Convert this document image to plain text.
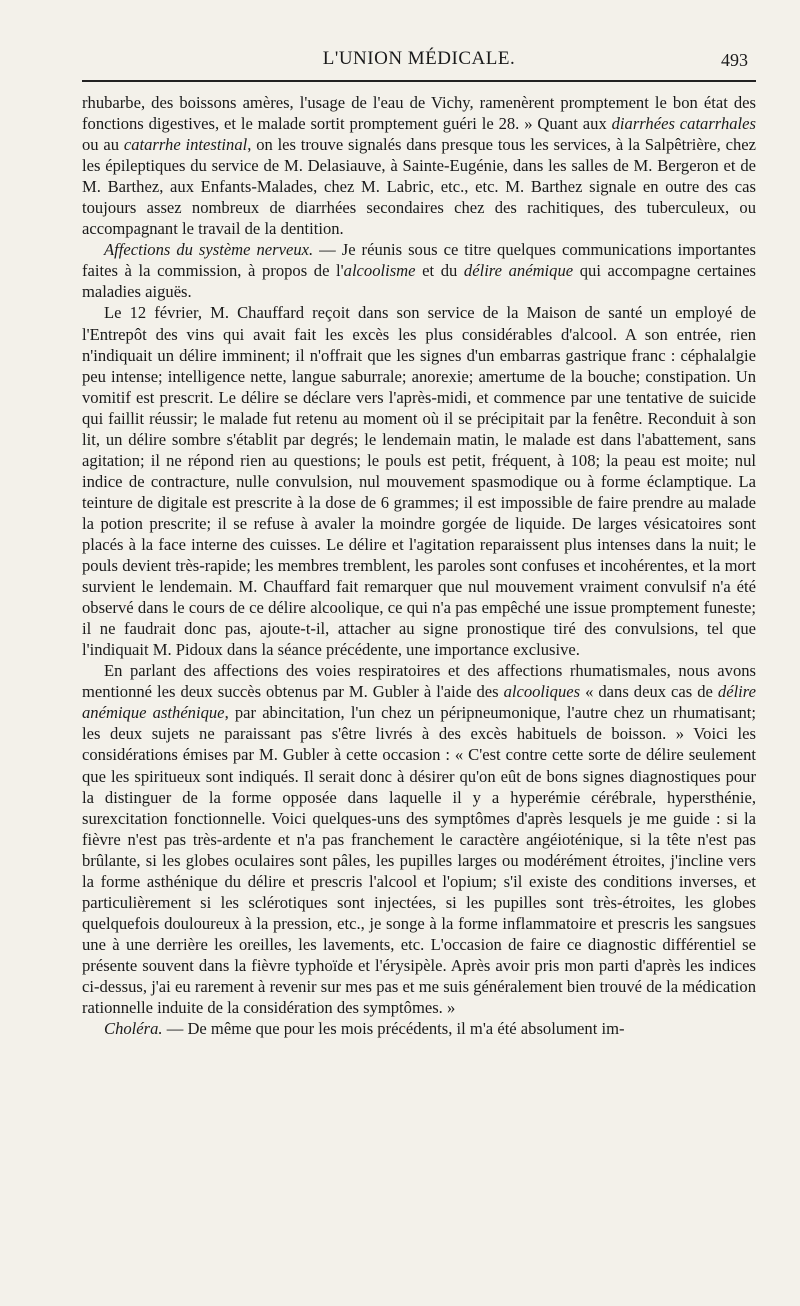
L'UNION MÉDICALE.	493

rhubarbe, des boissons amères, l'usage de l'eau de Vichy, ramenèrent promptement le bon état des fonctions digestives, et le malade sortit promptement guéri le 28. » Quant aux diarrhées catarrhales ou au catarrhe intestinal, on les trouve signalés dans presque tous les services, à la Salpêtrière, chez les épileptiques du service de M. Delasiauve, à Sainte-Eugénie, dans les salles de M. Bergeron et de M. Barthez, aux Enfants-Malades, chez M. Labric, etc., etc. M. Barthez signale en outre des cas toujours assez nombreux de diarrhées secondaires chez des rachitiques, des tuberculeux, ou accompagnant le travail de la dentition.

Affections du système nerveux. — Je réunis sous ce titre quelques communications importantes faites à la commission, à propos de l'alcoolisme et du délire anémique qui accompagne certaines maladies aiguës.

Le 12 février, M. Chauffard reçoit dans son service de la Maison de santé un employé de l'Entrepôt des vins qui avait fait les excès les plus considérables d'alcool. A son entrée, rien n'indiquait un délire imminent; il n'offrait que les signes d'un embarras gastrique franc : céphalalgie peu intense; intelligence nette, langue saburrale; anorexie; amertume de la bouche; constipation. Un vomitif est prescrit. Le délire se déclare vers l'après-midi, et commence par une tentative de suicide qui faillit réussir; le malade fut retenu au moment où il se précipitait par la fenêtre. Reconduit à son lit, un délire sombre s'établit par degrés; le lendemain matin, le malade est dans l'abattement, sans agitation; il ne répond rien au questions; le pouls est petit, fréquent, à 108; la peau est moite; nul indice de contracture, nulle convulsion, nul mouvement spasmodique ou à forme éclamptique. La teinture de digitale est prescrite à la dose de 6 grammes; il est impossible de faire prendre au malade la potion prescrite; il se refuse à avaler la moindre gorgée de liquide. De larges vésicatoires sont placés à la face interne des cuisses. Le délire et l'agitation reparaissent plus intenses dans la nuit; le pouls devient très-rapide; les membres tremblent, les paroles sont confuses et incohérentes, et la mort survient le lendemain. M. Chauffard fait remarquer que nul mouvement vraiment convulsif n'a été observé dans le cours de ce délire alcoolique, ce qui n'a pas empêché une issue promptement funeste; il ne faudrait donc pas, ajoute-t-il, attacher au signe pronostique tiré des convulsions, tel que l'indiquait M. Pidoux dans la séance précédente, une importance exclusive.

En parlant des affections des voies respiratoires et des affections rhumatismales, nous avons mentionné les deux succès obtenus par M. Gubler à l'aide des alcooliques « dans deux cas de délire anémique asthénique, par abincitation, l'un chez un péripneumonique, l'autre chez un rhumatisant; les deux sujets ne paraissant pas s'être livrés à des excès habituels de boisson. » Voici les considérations émises par M. Gubler à cette occasion : « C'est contre cette sorte de délire seulement que les spiritueux sont indiqués. Il serait donc à désirer qu'on eût de bons signes diagnostiques pour la distinguer de la forme opposée dans laquelle il y a hyperémie cérébrale, hypersthénie, surexcitation fonctionnelle. Voici quelques-uns des symptômes d'après lesquels je me guide : si la fièvre n'est pas très-ardente et n'a pas franchement le caractère angéioténique, si la tête n'est pas brûlante, si les globes oculaires sont pâles, les pupilles larges ou modérément étroites, j'incline vers la forme asthénique du délire et prescris l'alcool et l'opium; s'il existe des conditions inverses, et particulièrement si les sclérotiques sont injectées, si les pupilles sont très-étroites, les globes quelquefois douloureux à la pression, etc., je songe à la forme inflammatoire et prescris les sangsues une à une derrière les oreilles, les lavements, etc. L'occasion de faire ce diagnostic différentiel se présente souvent dans la fièvre typhoïde et l'érysipèle. Après avoir pris mon parti d'après les indices ci-dessus, j'ai eu rarement à revenir sur mes pas et me suis généralement bien trouvé de la médication rationnelle induite de la considération des symptômes. »

Choléra. — De même que pour les mois précédents, il m'a été absolument im-
